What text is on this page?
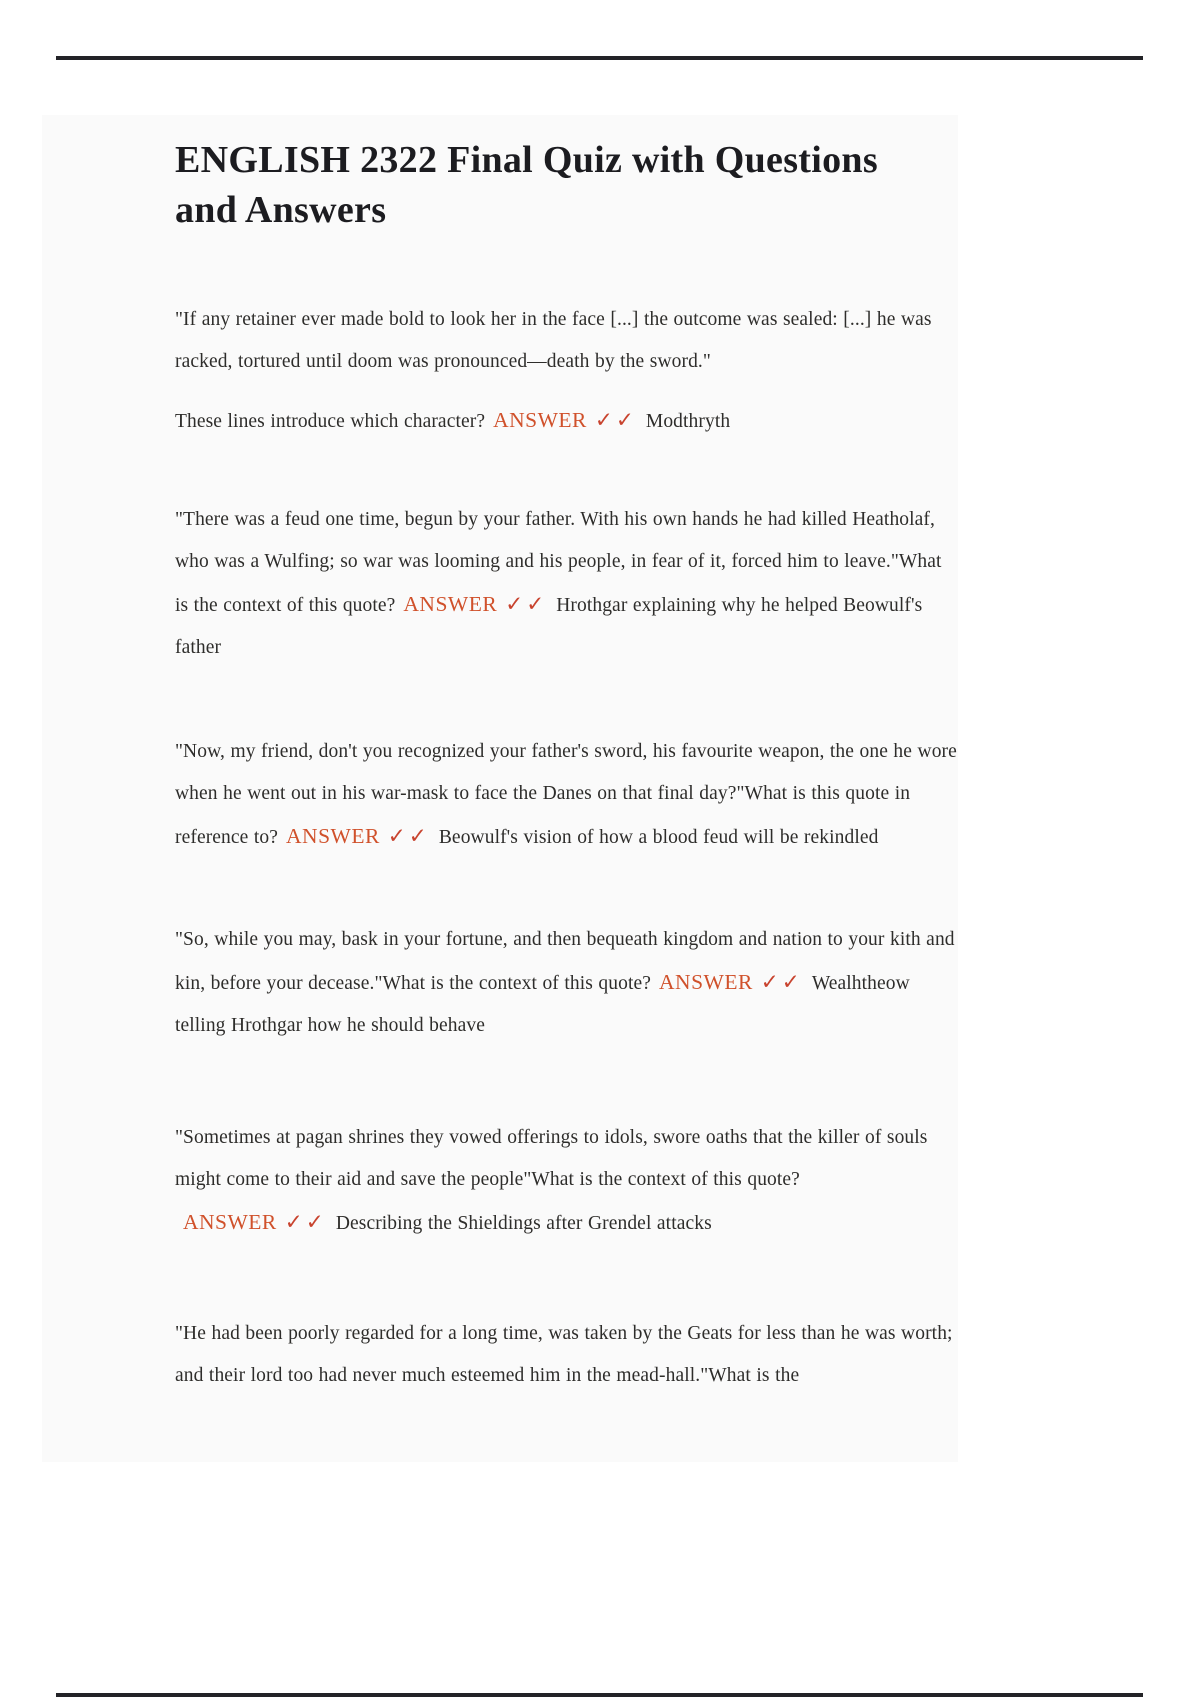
ENGLISH 2322 Final Quiz with Questions and Answers

"If any retainer ever made bold to look her in the face [...] the outcome was sealed: [...] he was racked, tortured until doom was pronounced—death by the sword."

These lines introduce which character? ANSWER ✓✓ Modthryth

"There was a feud one time, begun by your father. With his own hands he had killed Heatholaf, who was a Wulfing; so war was looming and his people, in fear of it, forced him to leave."What is the context of this quote? ANSWER ✓✓ Hrothgar explaining why he helped Beowulf's father

"Now, my friend, don't you recognized your father's sword, his favourite weapon, the one he wore when he went out in his war-mask to face the Danes on that final day?"What is this quote in reference to? ANSWER ✓✓ Beowulf's vision of how a blood feud will be rekindled

"So, while you may, bask in your fortune, and then bequeath kingdom and nation to your kith and kin, before your decease."What is the context of this quote? ANSWER ✓✓ Wealhtheow telling Hrothgar how he should behave

"Sometimes at pagan shrines they vowed offerings to idols, swore oaths that the killer of souls might come to their aid and save the people"What is the context of this quote?ANSWER ✓✓ Describing the Shieldings after Grendel attacks

"He had been poorly regarded for a long time, was taken by the Geats for less than he was worth; and their lord too had never much esteemed him in the mead-hall."What is the
